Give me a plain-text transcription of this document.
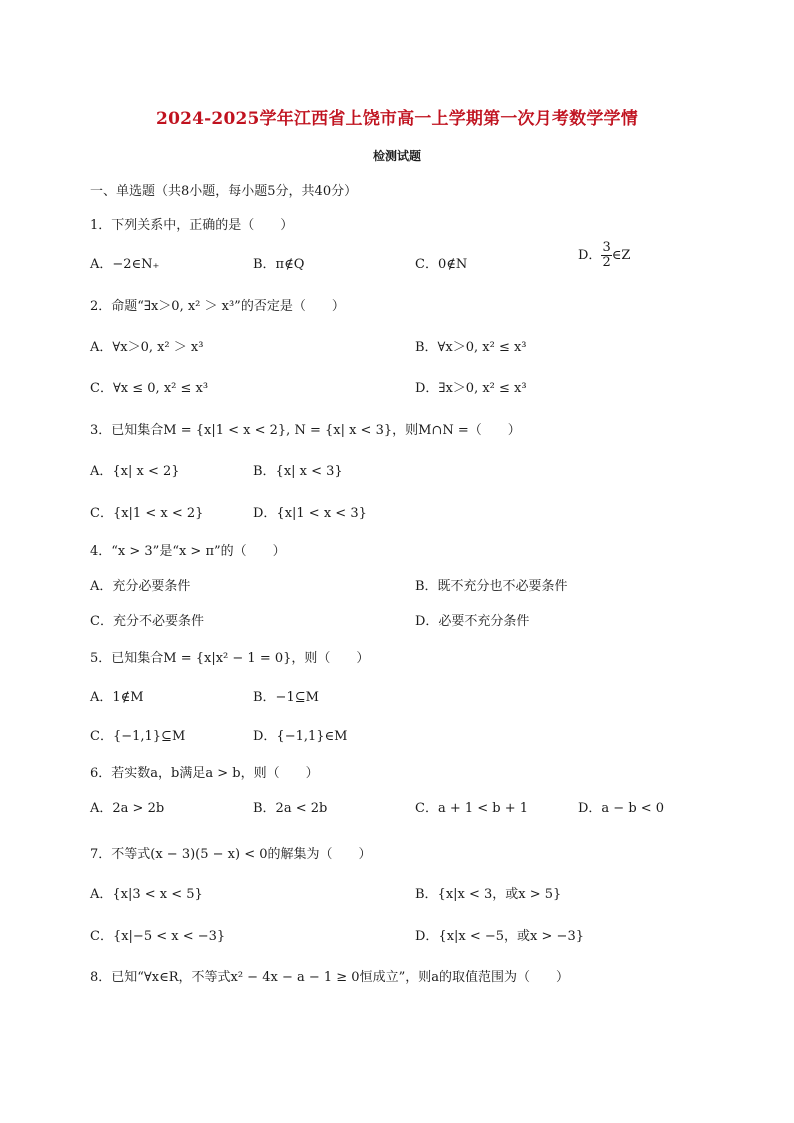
2024-2025学年江西省上饶市高一上学期第一次月考数学学情
检测试题
一、单选题（共8小题，每小题5分，共40分）
1．下列关系中，正确的是（　　）
A．−2∈N₊	B．π∉Q	C．0∉N
D． $\frac{3}{2}$ ∈Z
2．命题“∃x＞0, x² ＞ x³”的否定是（　　）
A．∀x＞0, x² ＞ x³	B．∀x＞0, x² ≤ x³
C．∀x ≤ 0, x² ≤ x³	D．∃x＞0, x² ≤ x³
3．已知集合M = {x|1 < x < 2}, N = {x| x < 3}，则M∩N =（　　）
A．{x| x < 2}	B．{x| x < 3}
C．{x|1 < x < 2}	D．{x|1 < x < 3}
4．“x > 3”是“x > π”的（　　）
A．充分必要条件	B．既不充分也不必要条件
C．充分不必要条件	D．必要不充分条件
5．已知集合M = {x|x² − 1 = 0}，则（　　）
A．1∉M	B．−1⊆M
C．{−1,1}⊆M	D．{−1,1}∈M
6．若实数a，b满足a > b，则（　　）
A．2a > 2b	B．2a < 2b	C．a + 1 < b + 1	D．a − b < 0
7．不等式(x − 3)(5 − x) < 0的解集为（　　）
A．{x|3 < x < 5}	B．{x|x < 3，或x > 5}
C．{x|−5 < x < −3}	D．{x|x < −5，或x > −3}
8．已知“∀x∈R，不等式x² − 4x − a − 1 ≥ 0恒成立”，则a的取值范围为（　　）
